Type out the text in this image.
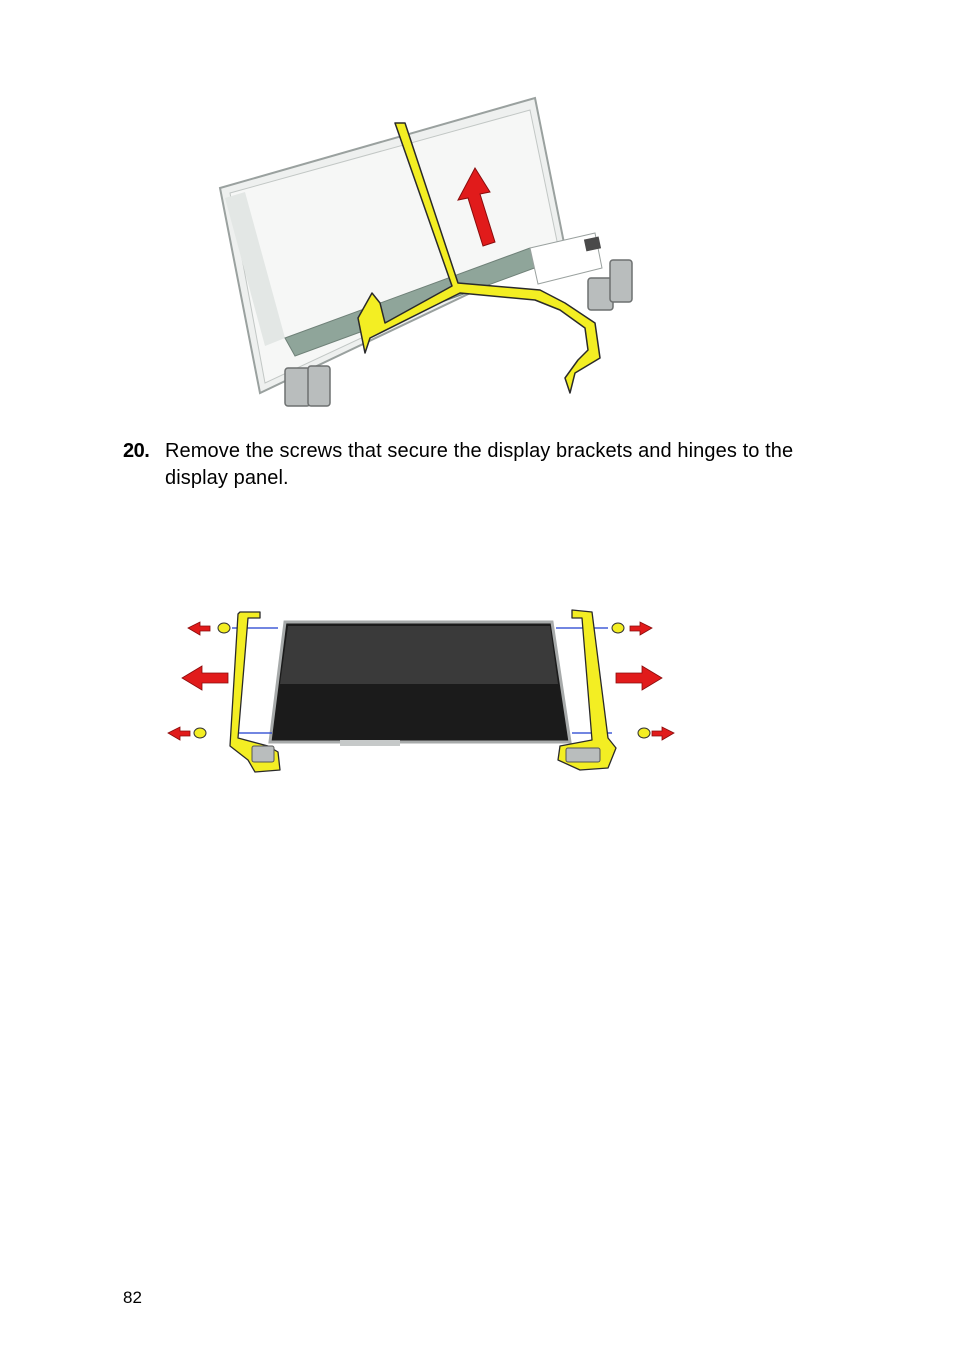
20. Remove the screws that secure the display brackets and hinges to the display panel.
82
